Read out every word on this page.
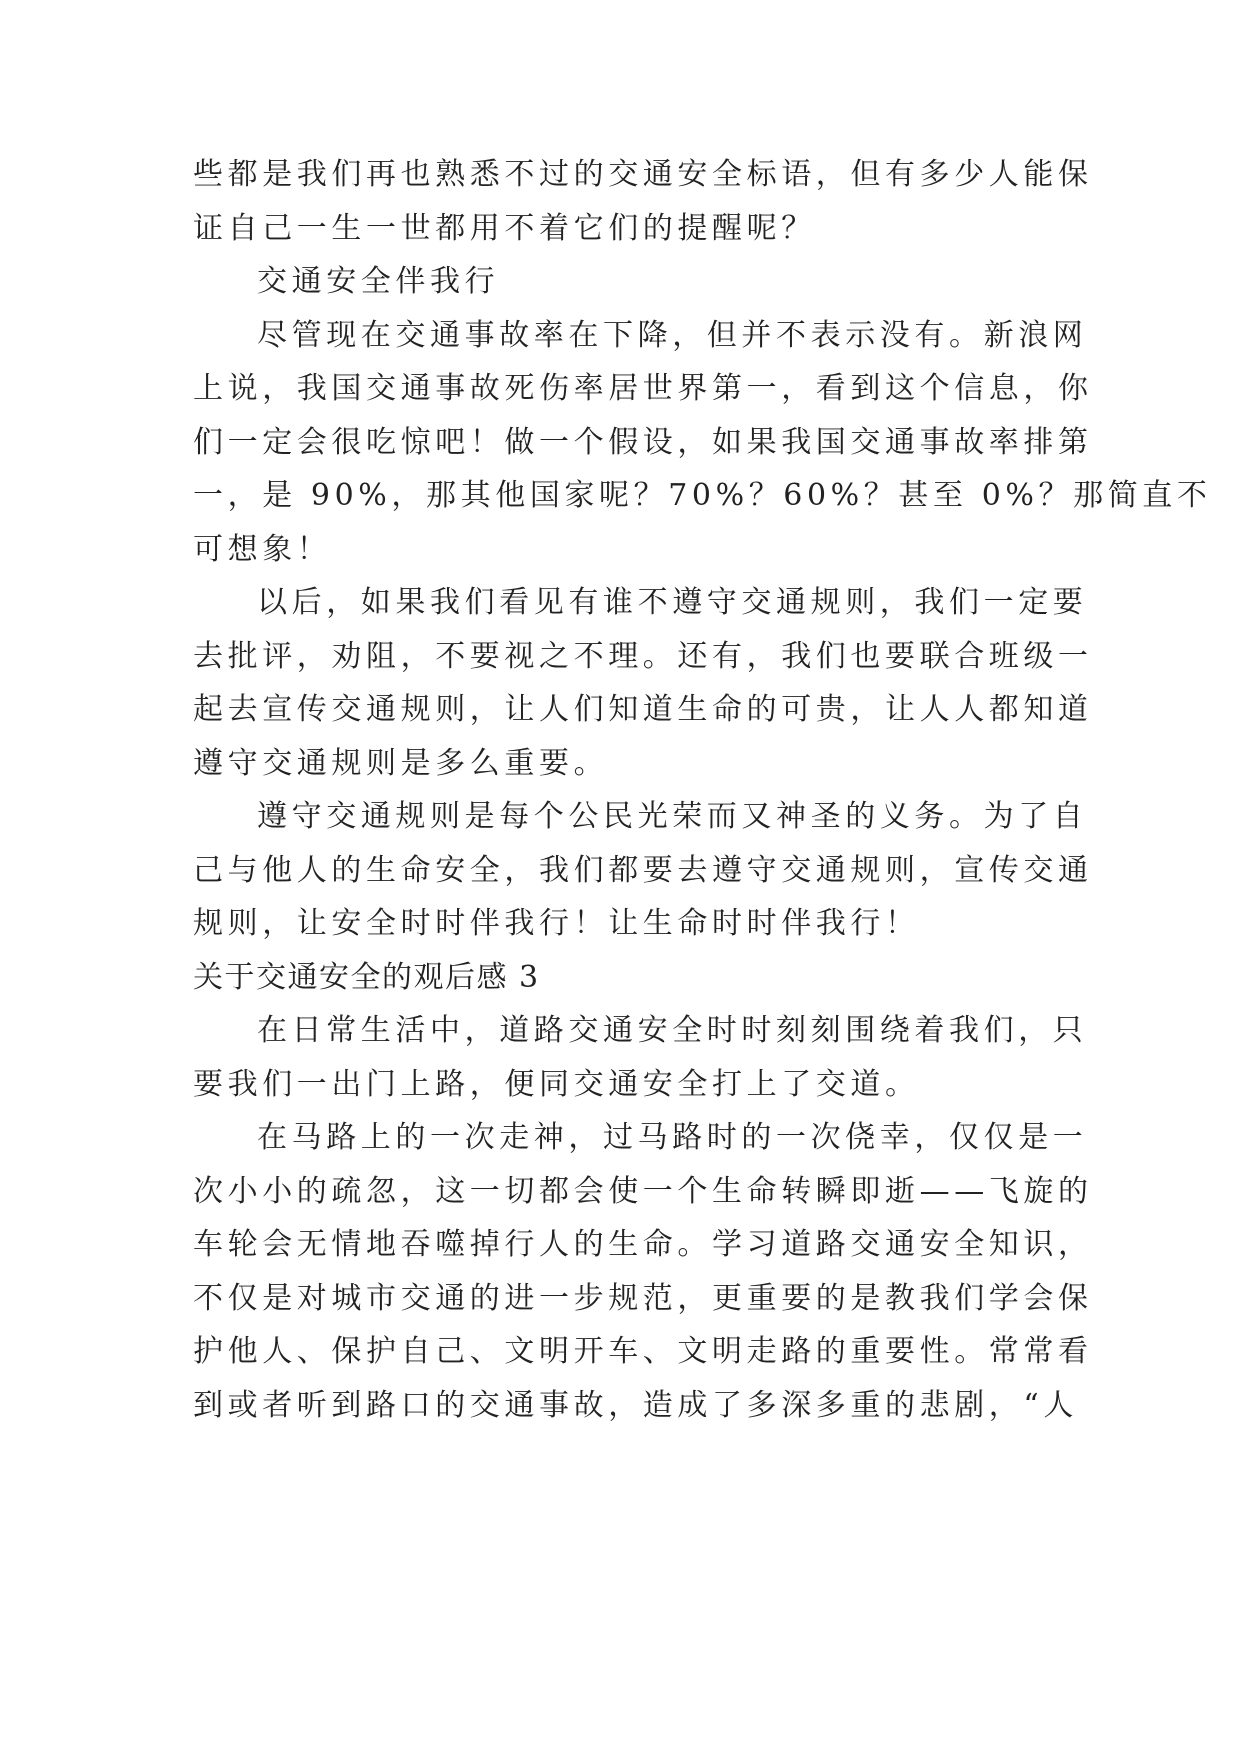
些都是我们再也熟悉不过的交通安全标语，但有多少人能保
证自己一生一世都用不着它们的提醒呢？
交通安全伴我行
尽管现在交通事故率在下降，但并不表示没有。新浪网
上说，我国交通事故死伤率居世界第一，看到这个信息，你
们一定会很吃惊吧！做一个假设，如果我国交通事故率排第
一，是 90%，那其他国家呢？70%？60%？甚至 0%？那简直不
可想象！
以后，如果我们看见有谁不遵守交通规则，我们一定要
去批评，劝阻，不要视之不理。还有，我们也要联合班级一
起去宣传交通规则，让人们知道生命的可贵，让人人都知道
遵守交通规则是多么重要。
遵守交通规则是每个公民光荣而又神圣的义务。为了自
己与他人的生命安全，我们都要去遵守交通规则，宣传交通
规则，让安全时时伴我行！让生命时时伴我行！
关于交通安全的观后感 3
在日常生活中，道路交通安全时时刻刻围绕着我们，只
要我们一出门上路，便同交通安全打上了交道。
在马路上的一次走神，过马路时的一次侥幸，仅仅是一
次小小的疏忽，这一切都会使一个生命转瞬即逝——飞旋的
车轮会无情地吞噬掉行人的生命。学习道路交通安全知识，
不仅是对城市交通的进一步规范，更重要的是教我们学会保
护他人、保护自己、文明开车、文明走路的重要性。常常看
到或者听到路口的交通事故，造成了多深多重的悲剧，“人
